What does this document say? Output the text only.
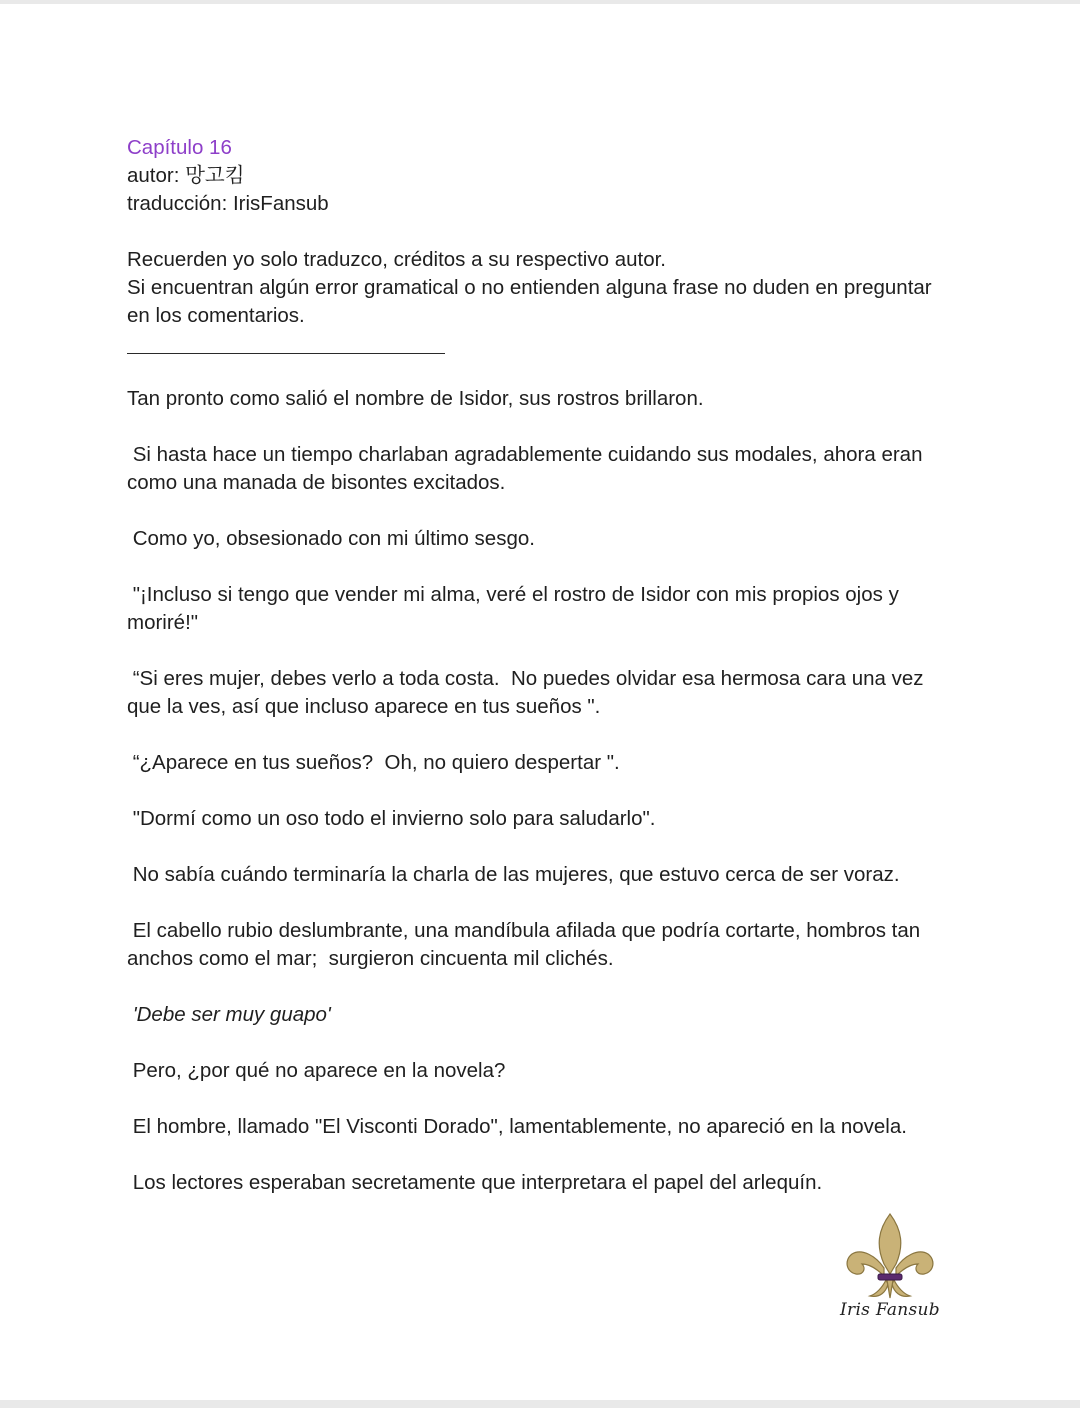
Capítulo 16

autor: 망고킴

traducción: IrisFansub

Recuerden yo solo traduzco, créditos a su respectivo autor.

Si encuentran algún error gramatical o no entienden alguna frase no duden en preguntar en los comentarios.

Tan pronto como salió el nombre de Isidor, sus rostros brillaron.

Si hasta hace un tiempo charlaban agradablemente cuidando sus modales, ahora eran como una manada de bisontes excitados.

Como yo, obsesionado con mi último sesgo.

"¡Incluso si tengo que vender mi alma, veré el rostro de Isidor con mis propios ojos y moriré!"

“Si eres mujer, debes verlo a toda costa.  No puedes olvidar esa hermosa cara una vez que la ves, así que incluso aparece en tus sueños ".

“¿Aparece en tus sueños?  Oh, no quiero despertar ".

"Dormí como un oso todo el invierno solo para saludarlo".

No sabía cuándo terminaría la charla de las mujeres, que estuvo cerca de ser voraz.

El cabello rubio deslumbrante, una mandíbula afilada que podría cortarte, hombros tan anchos como el mar;  surgieron cincuenta mil clichés.

'Debe ser muy guapo'

Pero, ¿por qué no aparece en la novela?

El hombre, llamado "El Visconti Dorado", lamentablemente, no apareció en la novela.

Los lectores esperaban secretamente que interpretara el papel del arlequín.

Iris Fansub
